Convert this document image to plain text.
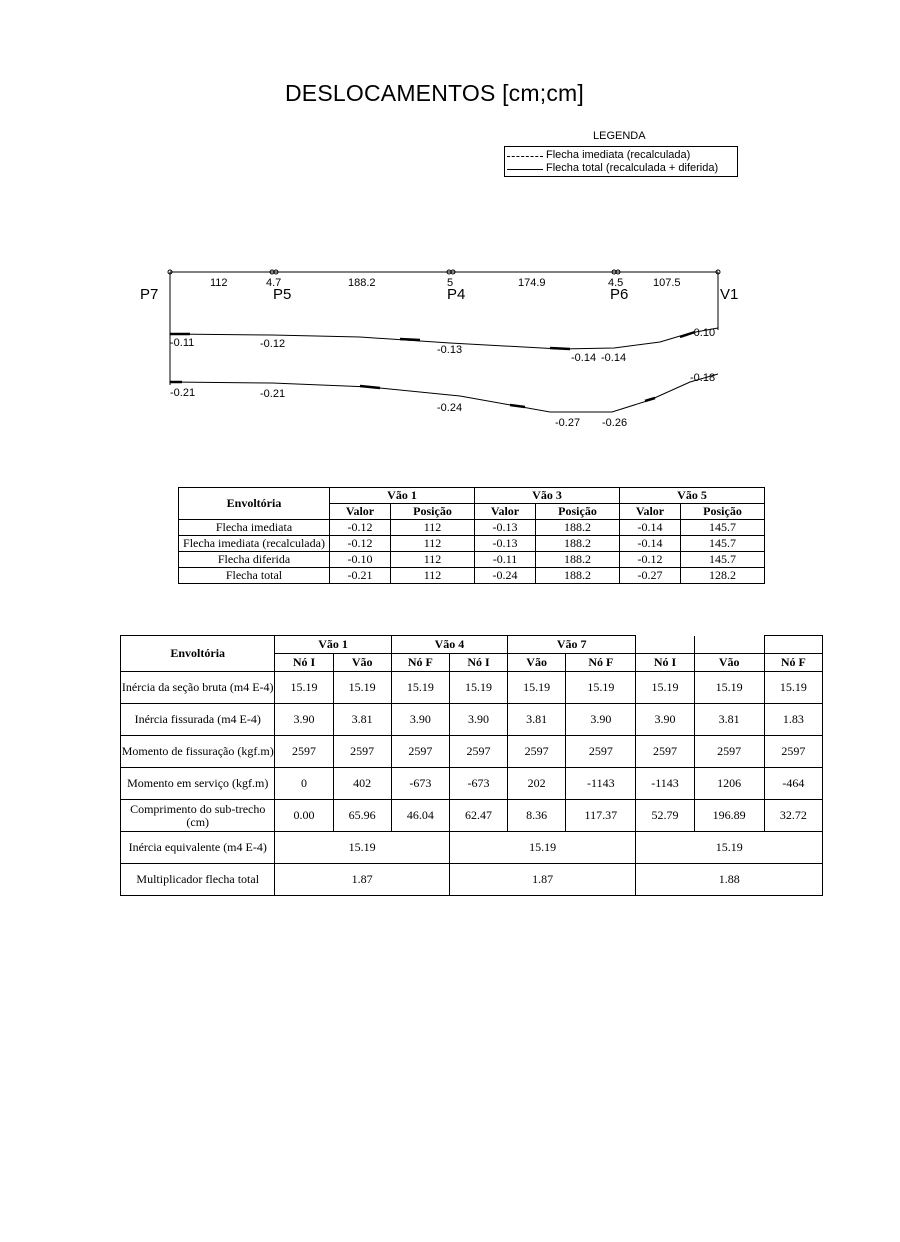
DESLOCAMENTOS [cm;cm]
LEGENDA
Flecha imediata (recalculada)
Flecha total (recalculada + diferida)
P7	P5	P4	P6	V1
112	4.7	188.2	5	174.9	4.5	107.5
-0.11	-0.12	-0.13
-0.14 -0.14
-0.10
-0.21	-0.21
-0.24
-0.27 -0.26
-0.18
Envoltória	Vão 1		Vão 3		Vão 5	
	Valor	Posição	Valor	Posição	Valor	Posição
Flecha imediata	-0.12	112	-0.13	188.2	-0.14	145.7
Flecha imediata (recalculada)	-0.12	112	-0.13	188.2	-0.14	145.7
Flecha diferida	-0.10	112	-0.11	188.2	-0.12	145.7
Flecha total	-0.21	112	-0.24	188.2	-0.27	128.2
Envoltória	Vão 1		Vão 4		Vão 7				
	Nó I	Vão	Nó F	Nó I	Vão	Nó F	Nó I	Vão	Nó F
Inércia da seção bruta (m4 E-4)	15.19	15.19	15.19	15.19	15.19	15.19	15.19	15.19	15.19
Inércia fissurada (m4 E-4)	3.90	3.81	3.90	3.90	3.81	3.90	3.90	3.81	1.83
Momento de fissuração (kgf.m)	2597	2597	2597	2597	2597	2597	2597	2597	2597
Momento em serviço (kgf.m)	0	402	-673	-673	202	-1143	-1143	1206	-464
Comprimento do sub-trecho (cm)	0.00	65.96	46.04	62.47	8.36	117.37	52.79	196.89	32.72
Inércia equivalente (m4 E-4)	15.19			15.19			15.19		
Multiplicador flecha total	1.87			1.87			1.88		
